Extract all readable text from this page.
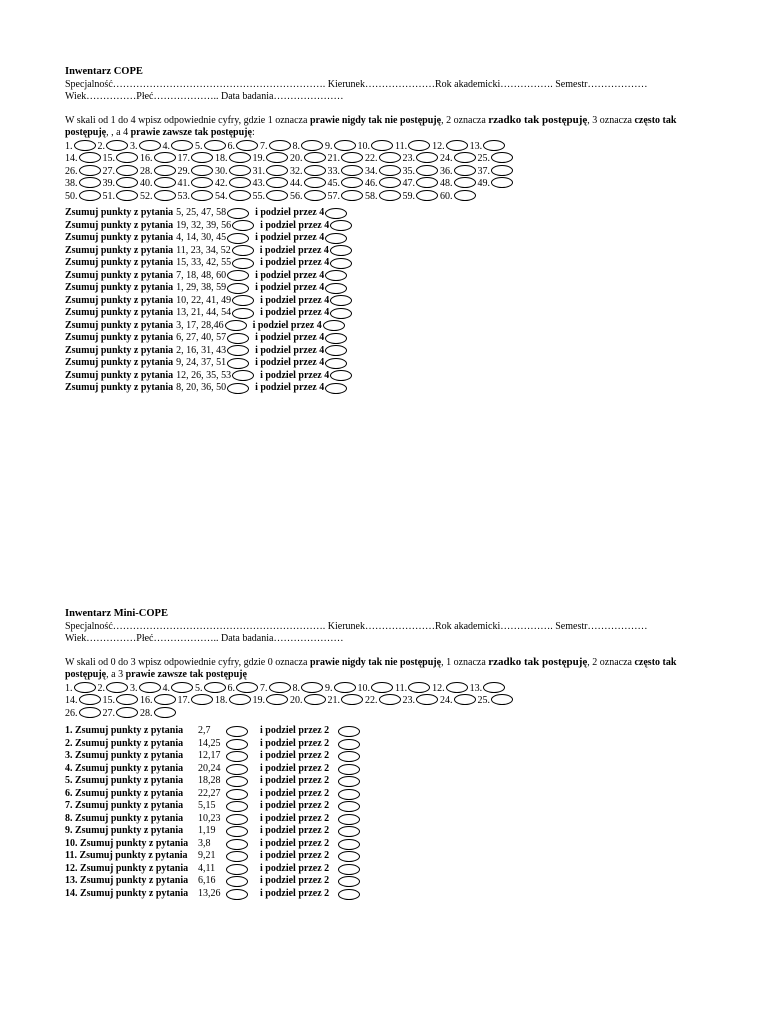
Inwentarz COPE
Specjalność………………………………………………………. Kierunek…………………Rok akademicki……………. Semestr………………
Wiek……………Płeć……………….. Data badania…………………
W skali od 1 do 4 wpisz odpowiednie cyfry, gdzie 1 oznacza prawie nigdy tak nie postępuję, 2 oznacza rzadko tak postępuję, 3 oznacza często tak postępuję, , a 4 prawie zawsze tak postępuję:
1.	2.	3.	4.	5.	6.	7.	8.	9.	10.	11.	12.	13.
14.	15.	16.	17.	18.	19.	20.	21.	22.	23.	24.	25.
26.	27.	28.	29.	30.	31.	32.	33.	34.	35.	36.	37.
38.	39.	40.	41.	42.	43.	44.	45.	46.	47.	48.	49.
50.	51.	52.	53.	54.	55.	56.	57.	58.	59.	60.
Zsumuj punkty z pytania 5, 25, 47, 58	i podziel przez 4
Zsumuj punkty z pytania 19, 32, 39, 56	i podziel przez 4
Zsumuj punkty z pytania 4, 14, 30, 45	i podziel przez 4
Zsumuj punkty z pytania 11, 23, 34, 52	i podziel przez 4
Zsumuj punkty z pytania 15, 33, 42, 55	i podziel przez 4
Zsumuj punkty z pytania 7, 18, 48, 60	i podziel przez 4
Zsumuj punkty z pytania 1, 29, 38, 59	i podziel przez 4
Zsumuj punkty z pytania 10, 22, 41, 49	i podziel przez 4
Zsumuj punkty z pytania 13, 21, 44, 54	i podziel przez 4
Zsumuj punkty z pytania 3, 17, 28,46	i podziel przez 4
Zsumuj punkty z pytania 6, 27, 40, 57	i podziel przez 4
Zsumuj punkty z pytania 2, 16, 31, 43	i podziel przez 4
Zsumuj punkty z pytania 9, 24, 37, 51	i podziel przez 4
Zsumuj punkty z pytania 12, 26, 35, 53	i podziel przez 4
Zsumuj punkty z pytania 8, 20, 36, 50	i podziel przez 4
Inwentarz Mini-COPE
Specjalność………………………………………………………. Kierunek…………………Rok akademicki……………. Semestr………………
Wiek……………Płeć……………….. Data badania…………………
W skali od 0 do 3 wpisz odpowiednie cyfry, gdzie 0 oznacza prawie nigdy tak nie postępuję, 1 oznacza rzadko tak postępuję, 2 oznacza często tak postępuję, a 3 prawie zawsze tak postępuję
1.	2.	3.	4.	5.	6.	7.	8.	9.	10.	11.	12.	13.
14.	15.	16.	17.	18.	19.	20.	21.	22.	23.	24.	25.
26.	27.	28.
1. Zsumuj punkty z pytania 2,7	i podziel przez 2
2. Zsumuj punkty z pytania 14,25	i podziel przez 2
3. Zsumuj punkty z pytania 12,17	i podziel przez 2
4. Zsumuj punkty z pytania 20,24	i podziel przez 2
5. Zsumuj punkty z pytania 18,28	i podziel przez 2
6. Zsumuj punkty z pytania 22,27	i podziel przez 2
7. Zsumuj punkty z pytania 5,15	i podziel przez 2
8. Zsumuj punkty z pytania 10,23	i podziel przez 2
9. Zsumuj punkty z pytania 1,19	i podziel przez 2
10. Zsumuj punkty z pytania 3,8	i podziel przez 2
11. Zsumuj punkty z pytania 9,21	i podziel przez 2
12. Zsumuj punkty z pytania 4,11	i podziel przez 2
13. Zsumuj punkty z pytania 6,16	i podziel przez 2
14. Zsumuj punkty z pytania 13,26	i podziel przez 2
